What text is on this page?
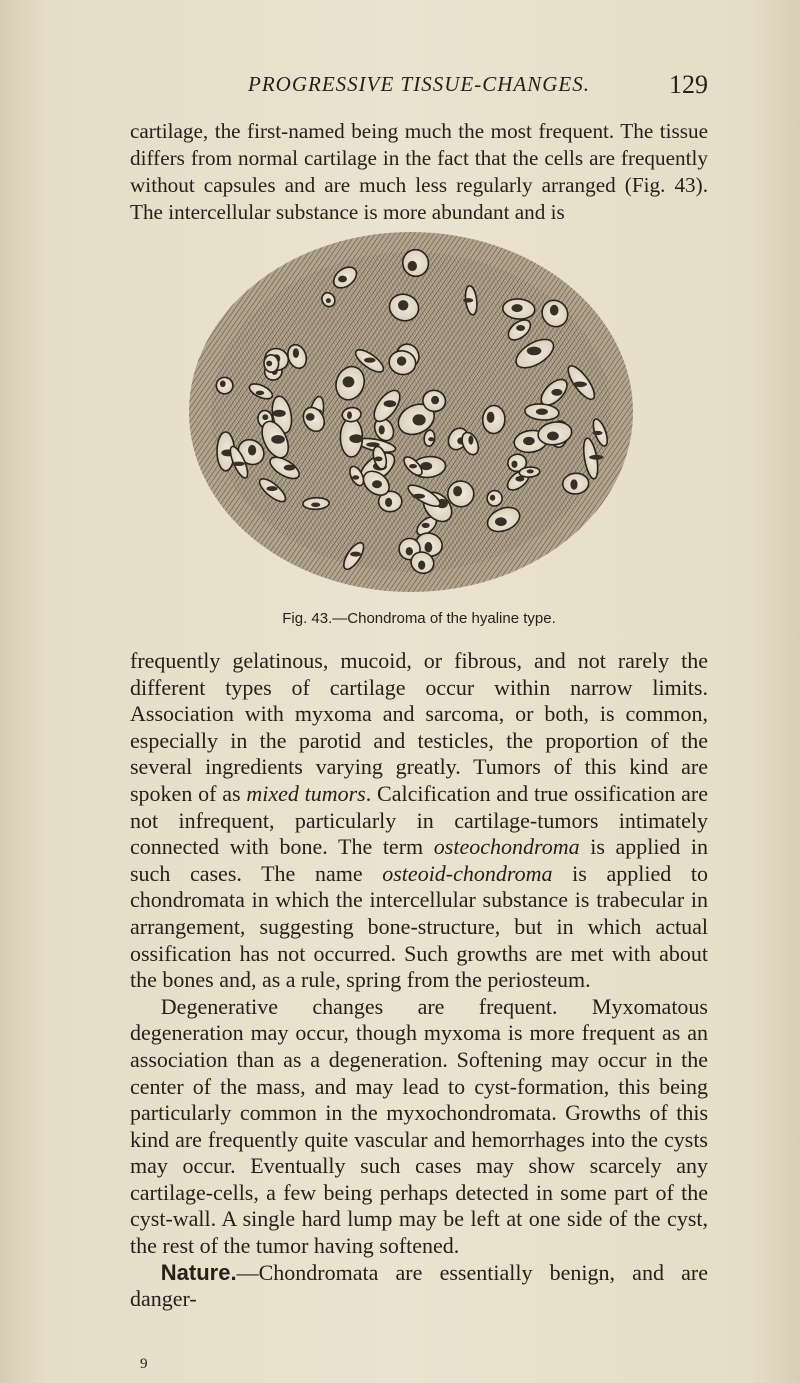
PROGRESSIVE TISSUE-CHANGES.	129

cartilage, the first-named being much the most frequent. The tissue differs from normal cartilage in the fact that the cells are frequently without capsules and are much less regularly arranged (Fig. 43). The intercellular substance is more abundant and is

Fig. 43.—Chondroma of the hyaline type.

frequently gelatinous, mucoid, or fibrous, and not rarely the different types of cartilage occur within narrow limits. Association with myxoma and sarcoma, or both, is common, especially in the parotid and testicles, the proportion of the several ingredients varying greatly. Tumors of this kind are spoken of as mixed tumors. Calcification and true ossification are not infrequent, particularly in cartilage-tumors intimately connected with bone. The term osteochondroma is applied in such cases. The name osteoid-chondroma is applied to chondromata in which the intercellular substance is trabecular in arrangement, suggesting bone-structure, but in which actual ossification has not occurred. Such growths are met with about the bones and, as a rule, spring from the periosteum.

Degenerative changes are frequent. Myxomatous degeneration may occur, though myxoma is more frequent as an association than as a degeneration. Softening may occur in the center of the mass, and may lead to cyst-formation, this being particularly common in the myxochondromata. Growths of this kind are frequently quite vascular and hemorrhages into the cysts may occur. Eventually such cases may show scarcely any cartilage-cells, a few being perhaps detected in some part of the cyst-wall. A single hard lump may be left at one side of the cyst, the rest of the tumor having softened.

Nature.—Chondromata are essentially benign, and are danger-

9
